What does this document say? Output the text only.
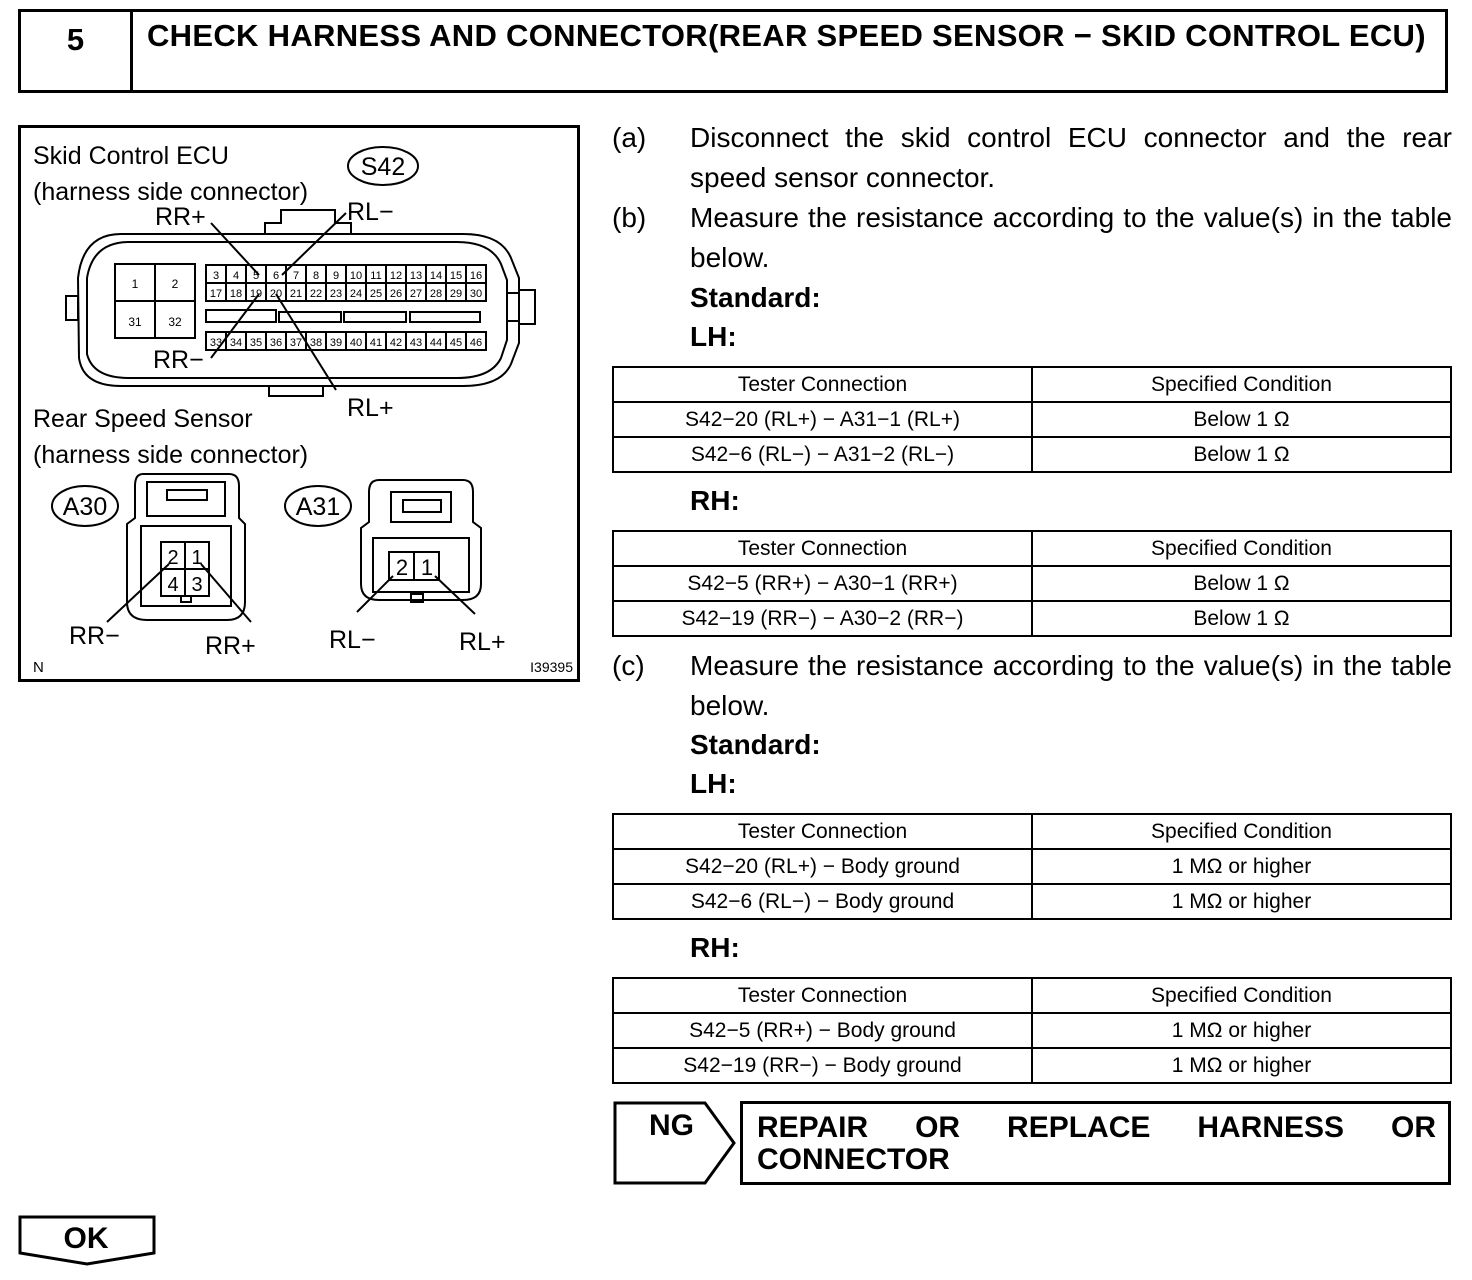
5	CHECK HARNESS AND CONNECTOR(REAR SPEED SENSOR − SKID CONTROL ECU)
Skid Control ECU
(harness side connector)
S42
RR+	RL−
RR−
RL+
1	2
31 32
3 4 5 6 7 8 9 10 11 12 13 14 15 16
17 18 19 20 21 22 23 24 25 26 27 28 29 30
33 34 35 36 37 38 39 40 41 42 43 44 45 46
Rear Speed Sensor
(harness side connector)
A30
2 1
4 3
RR−	RR+
A31
2 1
RL−	RL+
N	I39395
(a) Disconnect the skid control ECU connector and the rear speed sensor connector.
(b) Measure the resistance according to the value(s) in the table below.
Standard:
LH:
Tester Connection	Specified Condition
S42−20 (RL+) − A31−1 (RL+)	Below 1 Ω
S42−6 (RL−) − A31−2 (RL−)	Below 1 Ω
RH:
Tester Connection	Specified Condition
S42−5 (RR+) − A30−1 (RR+)	Below 1 Ω
S42−19 (RR−) − A30−2 (RR−)	Below 1 Ω
(c) Measure the resistance according to the value(s) in the table below.
Standard:
LH:
Tester Connection	Specified Condition
S42−20 (RL+) − Body ground	1 MΩ or higher
S42−6 (RL−) − Body ground	1 MΩ or higher
RH:
Tester Connection	Specified Condition
S42−5 (RR+) − Body ground	1 MΩ or higher
S42−19 (RR−) − Body ground	1 MΩ or higher
NG REPAIR OR REPLACE HARNESS OR
CONNECTOR
OK
